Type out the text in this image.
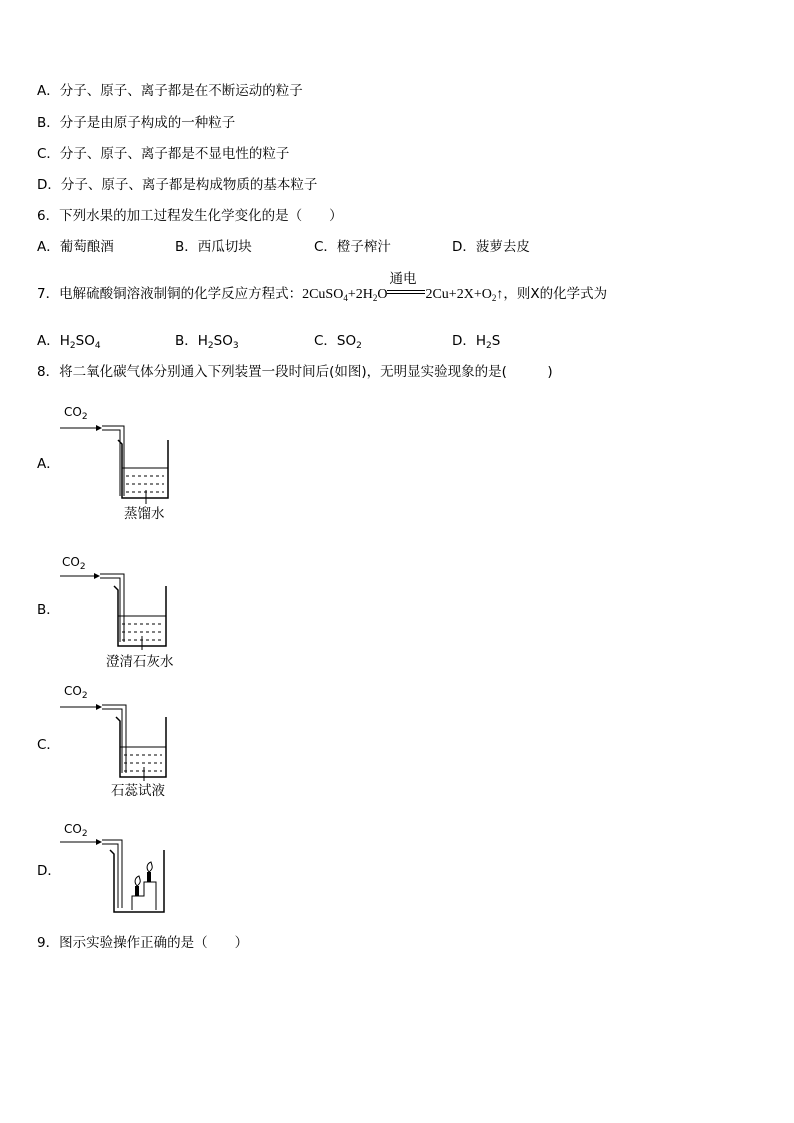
A．分子、原子、离子都是在不断运动的粒子
B．分子是由原子构成的一种粒子
C．分子、原子、离子都是不显电性的粒子
D．分子、原子、离子都是构成物质的基本粒子
6．下列水果的加工过程发生化学变化的是（　　）
A．葡萄酿酒	B．西瓜切块	C．橙子榨汁	D．菠萝去皮
7．电解硫酸铜溶液制铜的化学反应方程式：$2CuSO_4+2H_2O$
通电
$2Cu+2X+O_2↑$，则X的化学式为
A．$H_2SO_4$	B．$H_2SO_3$	C．$SO_2$	D．$H_2S$
8．将二氧化碳气体分别通入下列装置一段时间后(如图)，无明显实验现象的是(　　　)
A．
$CO_2$
蒸馏水
B．
$CO_2$
澄清石灰水
C．
$CO_2$
石蕊试液
D．
$CO_2$
9．图示实验操作正确的是（　　）
